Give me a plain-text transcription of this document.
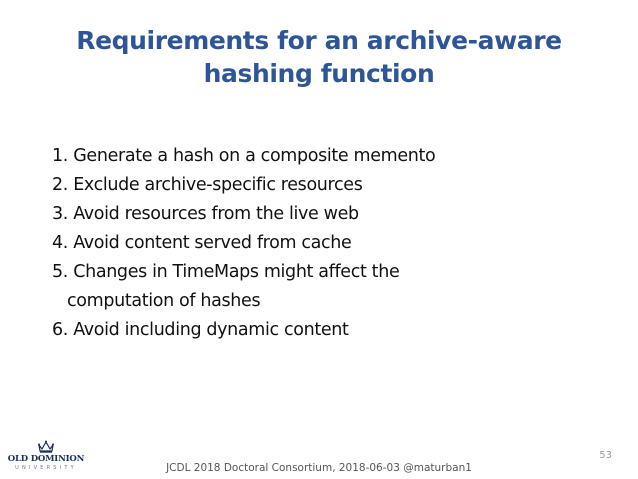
Requirements for an archive-aware
hashing function
1. Generate a hash on a composite memento
2. Exclude archive-specific resources
3. Avoid resources from the live web
4. Avoid content served from cache
5. Changes in TimeMaps might affect the
computation of hashes
6. Avoid including dynamic content
OLD DOMINION
UNIVERSITY
53
JCDL 2018 Doctoral Consortium, 2018-06-03 @maturban1
